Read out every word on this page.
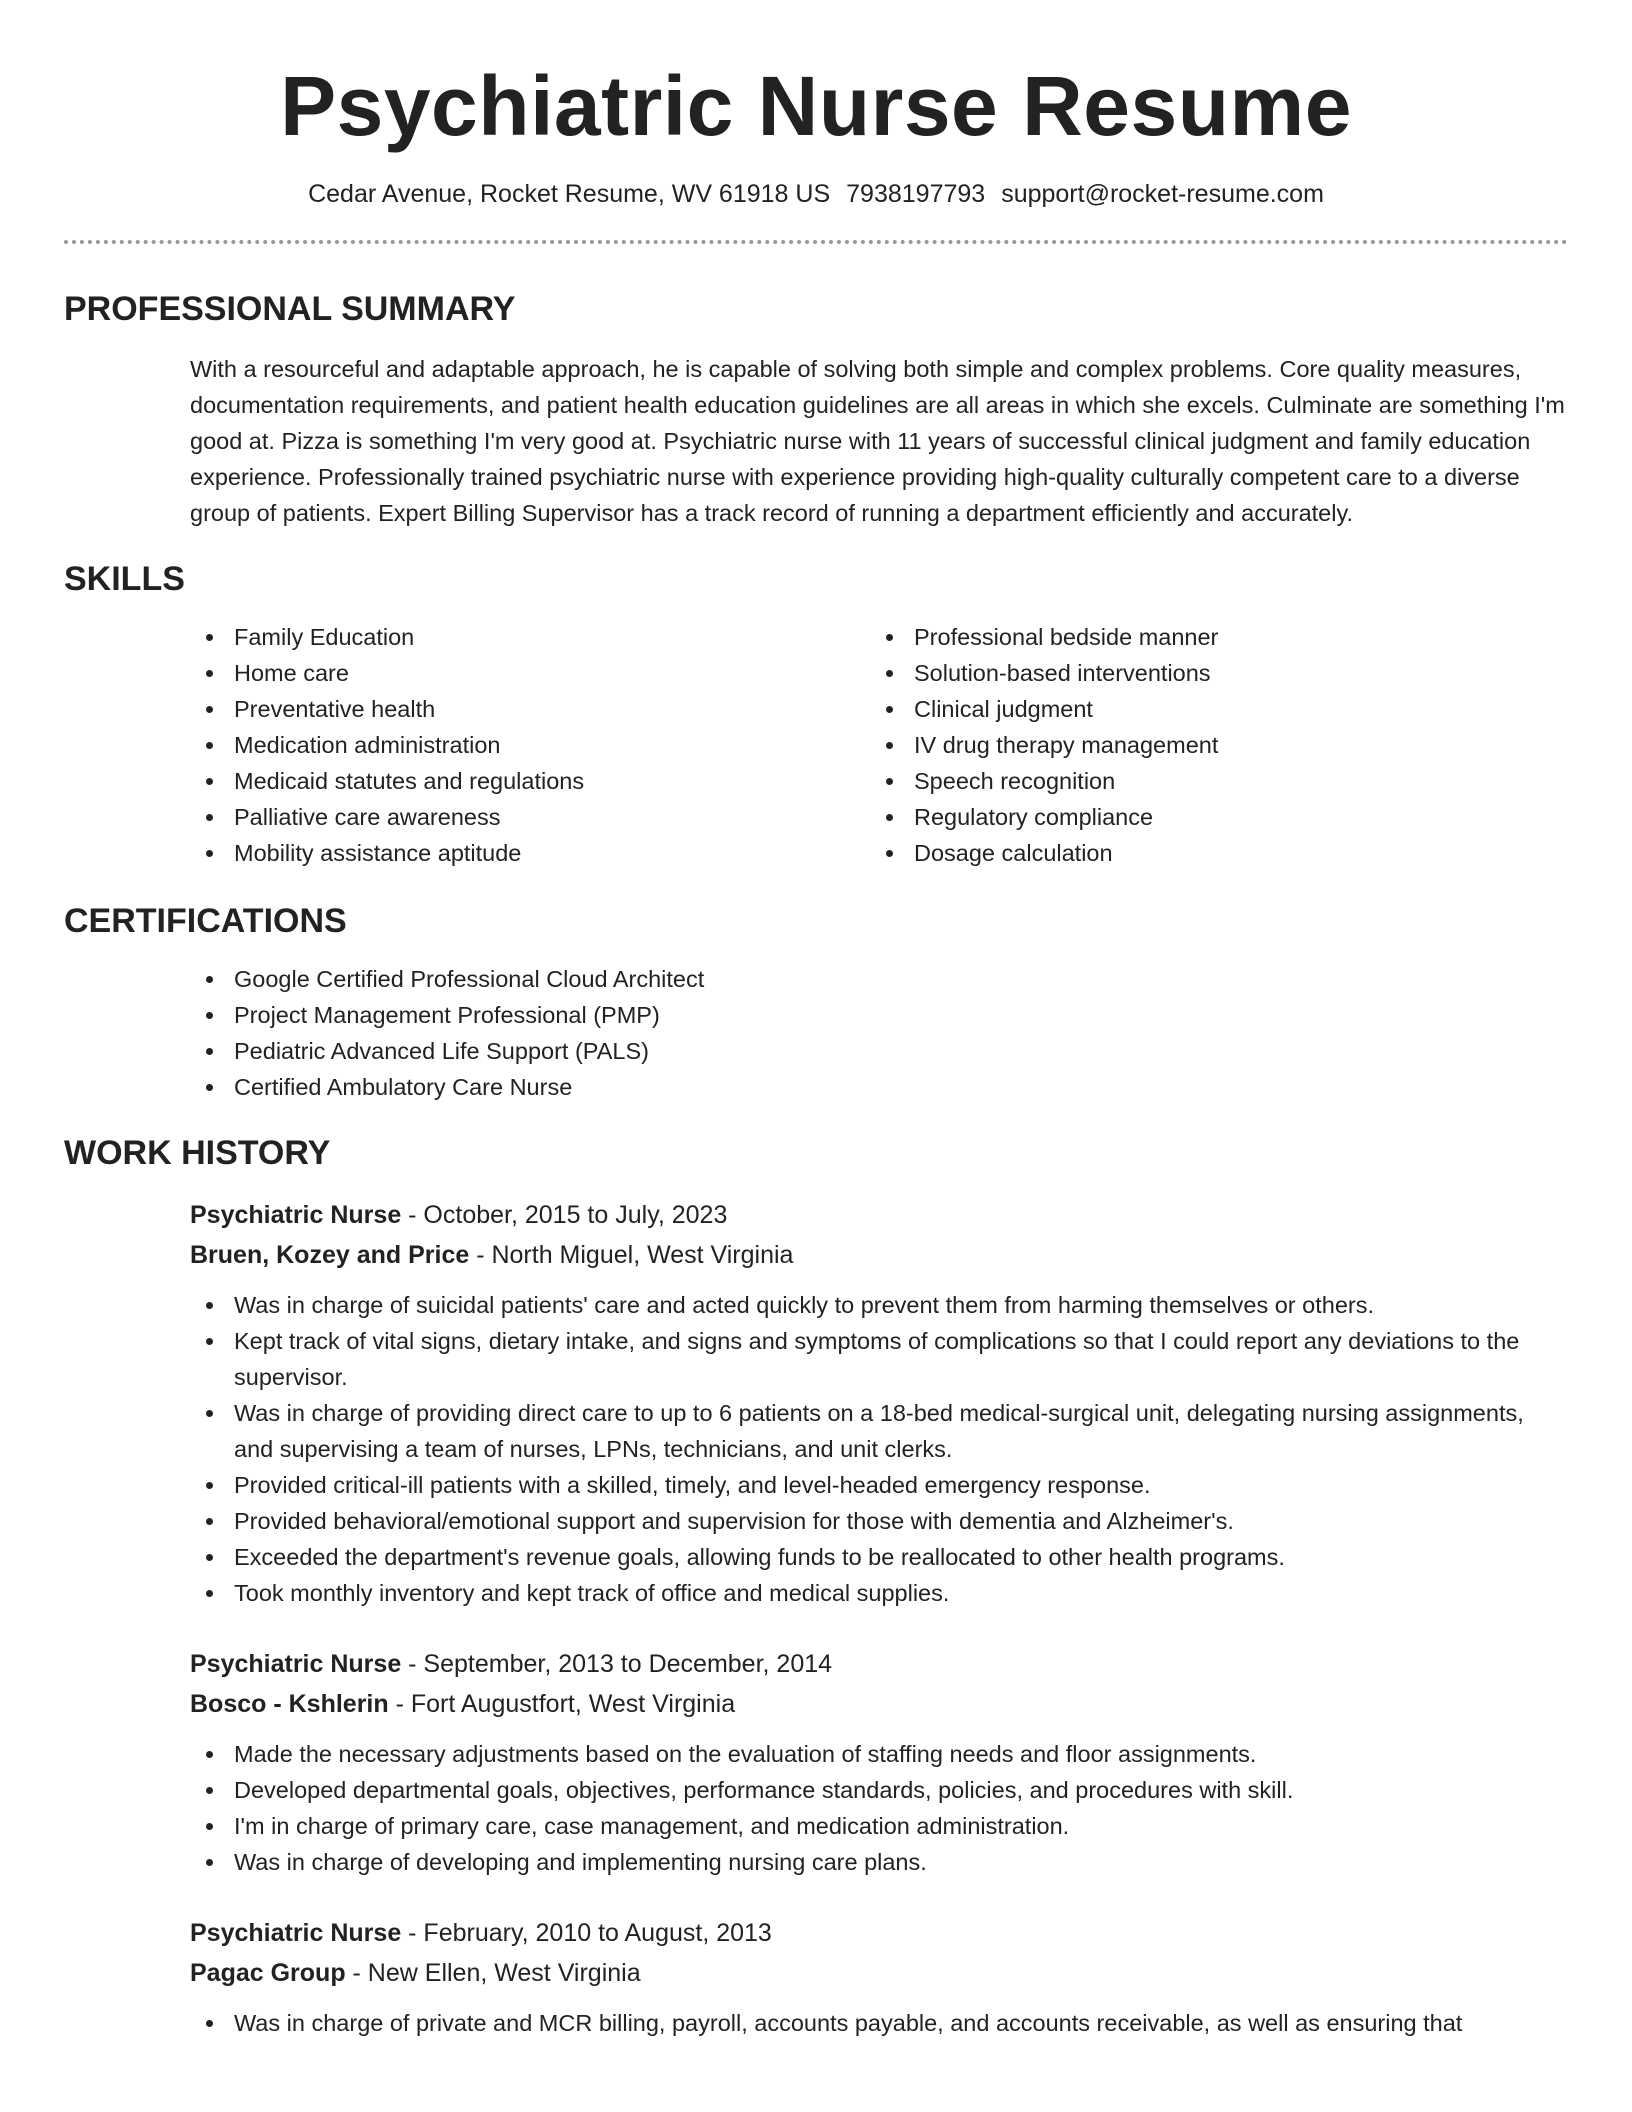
Psychiatric Nurse Resume
Cedar Avenue, Rocket Resume, WV 61918 US 7938197793 support@rocket-resume.com
PROFESSIONAL SUMMARY

With a resourceful and adaptable approach, he is capable of solving both simple and complex problems. Core quality measures, documentation requirements, and patient health education guidelines are all areas in which she excels. Culminate are something I'm good at. Pizza is something I'm very good at. Psychiatric nurse with 11 years of successful clinical judgment and family education experience. Professionally trained psychiatric nurse with experience providing high-quality culturally competent care to a diverse group of patients. Expert Billing Supervisor has a track record of running a department efficiently and accurately.

SKILLS
Family Education
Home care
Preventative health
Medication administration
Medicaid statutes and regulations
Palliative care awareness
Mobility assistance aptitude
Professional bedside manner
Solution-based interventions
Clinical judgment
IV drug therapy management
Speech recognition
Regulatory compliance
Dosage calculation
CERTIFICATIONS
Google Certified Professional Cloud Architect
Project Management Professional (PMP)
Pediatric Advanced Life Support (PALS)
Certified Ambulatory Care Nurse
WORK HISTORY
Psychiatric Nurse - October, 2015 to July, 2023
Bruen, Kozey and Price - North Miguel, West Virginia
Was in charge of suicidal patients' care and acted quickly to prevent them from harming themselves or others.
Kept track of vital signs, dietary intake, and signs and symptoms of complications so that I could report any deviations to the supervisor.
Was in charge of providing direct care to up to 6 patients on a 18-bed medical-surgical unit, delegating nursing assignments, and supervising a team of nurses, LPNs, technicians, and unit clerks.
Provided critical-ill patients with a skilled, timely, and level-headed emergency response.
Provided behavioral/emotional support and supervision for those with dementia and Alzheimer's.
Exceeded the department's revenue goals, allowing funds to be reallocated to other health programs.
Took monthly inventory and kept track of office and medical supplies.
Psychiatric Nurse - September, 2013 to December, 2014
Bosco - Kshlerin - Fort Augustfort, West Virginia
Made the necessary adjustments based on the evaluation of staffing needs and floor assignments.
Developed departmental goals, objectives, performance standards, policies, and procedures with skill.
I'm in charge of primary care, case management, and medication administration.
Was in charge of developing and implementing nursing care plans.
Psychiatric Nurse - February, 2010 to August, 2013
Pagac Group - New Ellen, West Virginia
Was in charge of private and MCR billing, payroll, accounts payable, and accounts receivable, as well as ensuring that
